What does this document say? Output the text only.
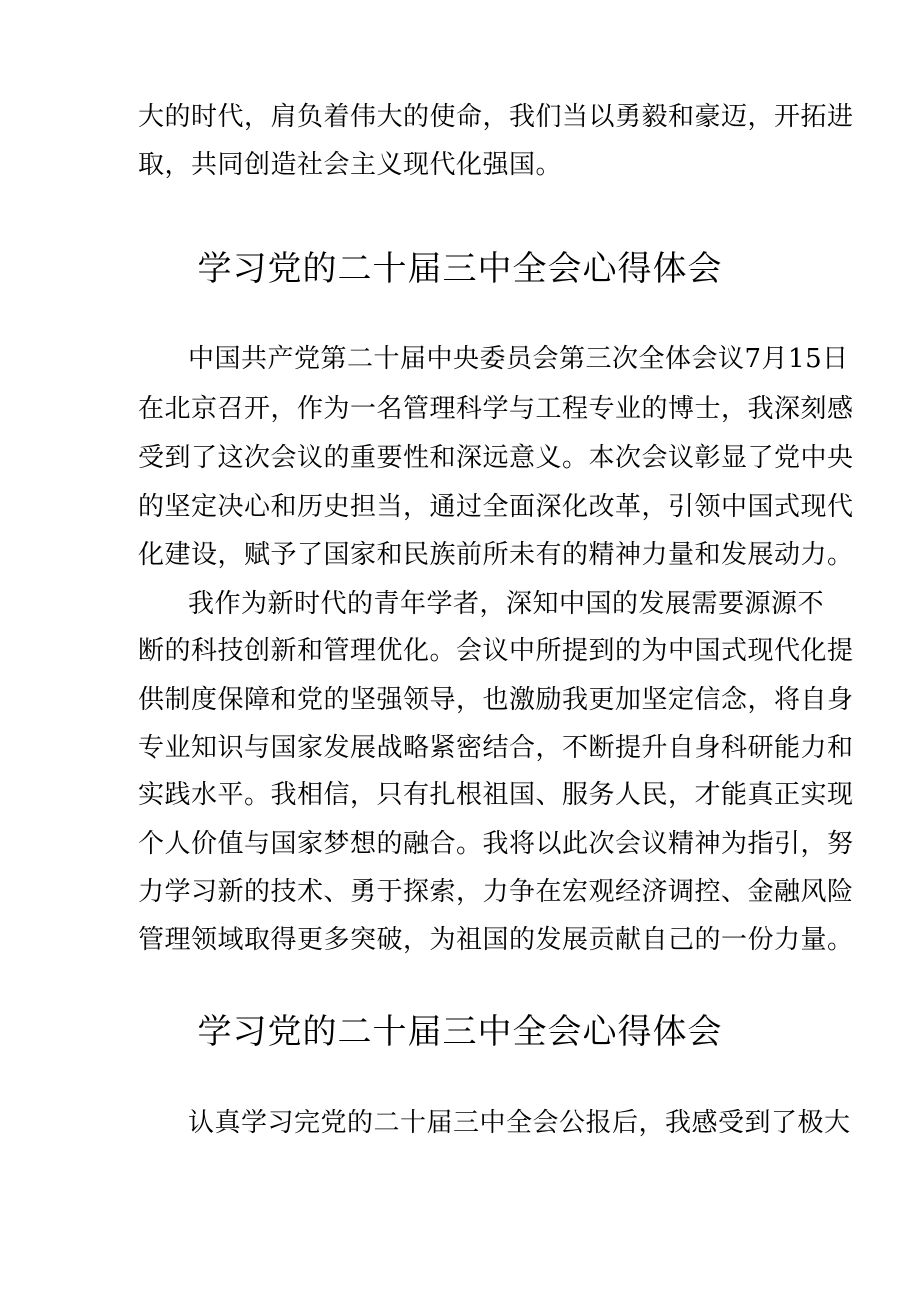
大的时代，肩负着伟大的使命，我们当以勇毅和豪迈，开拓进
取，共同创造社会主义现代化强国。
学习党的二十届三中全会心得体会
中国共产党第二十届中央委员会第三次全体会议7月15日
在北京召开，作为一名管理科学与工程专业的博士，我深刻感
受到了这次会议的重要性和深远意义。本次会议彰显了党中央
的坚定决心和历史担当，通过全面深化改革，引领中国式现代
化建设，赋予了国家和民族前所未有的精神力量和发展动力。
我作为新时代的青年学者，深知中国的发展需要源源不
断的科技创新和管理优化。会议中所提到的为中国式现代化提
供制度保障和党的坚强领导，也激励我更加坚定信念，将自身
专业知识与国家发展战略紧密结合，不断提升自身科研能力和
实践水平。我相信，只有扎根祖国、服务人民，才能真正实现
个人价值与国家梦想的融合。我将以此次会议精神为指引，努
力学习新的技术、勇于探索，力争在宏观经济调控、金融风险
管理领域取得更多突破，为祖国的发展贡献自己的一份力量。
学习党的二十届三中全会心得体会
认真学习完党的二十届三中全会公报后，我感受到了极大
